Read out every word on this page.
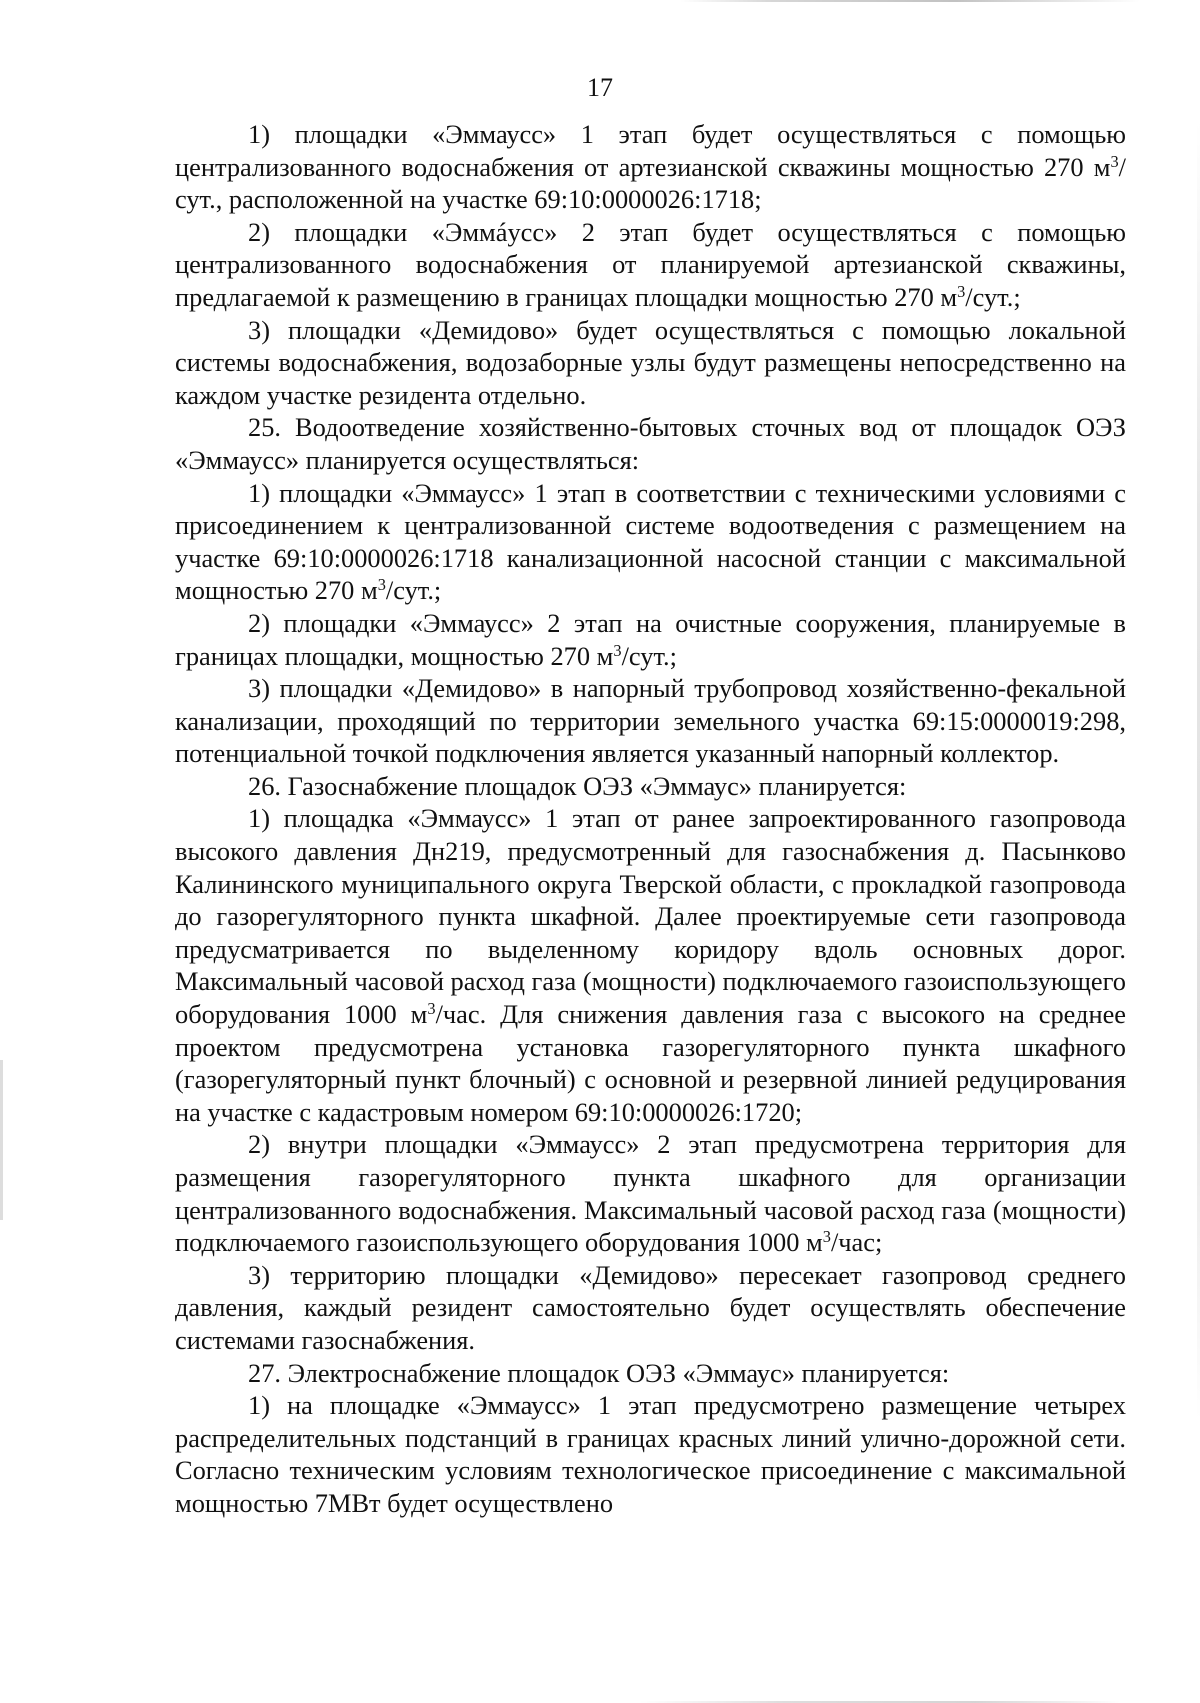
17

1) площадки «Эммаусс» 1 этап будет осуществляться с помощью централизованного водоснабжения от артезианской скважины мощностью 270 $м^3$/сут., расположенной на участке 69:10:0000026:1718;

2) площадки «Эммáусс» 2 этап будет осуществляться с помощью централизованного водоснабжения от планируемой артезианской скважины, предлагаемой к размещению в границах площадки мощностью 270 $м^3$/сут.;

3) площадки «Демидово» будет осуществляться с помощью локальной системы водоснабжения, водозаборные узлы будут размещены непосредственно на каждом участке резидента отдельно.

25. Водоотведение хозяйственно-бытовых сточных вод от площадок ОЭЗ «Эммаусс» планируется осуществляться:

1) площадки «Эммаусс» 1 этап в соответствии с техническими условиями с присоединением к централизованной системе водоотведения с размещением на участке 69:10:0000026:1718 канализационной насосной станции с максимальной мощностью 270 $м^3$/сут.;

2) площадки «Эммаусс» 2 этап на очистные сооружения, планируемые в границах площадки, мощностью 270 $м^3$/сут.;

3) площадки «Демидово» в напорный трубопровод хозяйственно-фекальной канализации, проходящий по территории земельного участка 69:15:0000019:298, потенциальной точкой подключения является указанный напорный коллектор.

26. Газоснабжение площадок ОЭЗ «Эммаус» планируется:

1) площадка «Эммаусс» 1 этап от ранее запроектированного газопровода высокого давления Дн219, предусмотренный для газоснабжения д. Пасынково Калининского муниципального округа Тверской области, с прокладкой газопровода до газорегуляторного пункта шкафной. Далее проектируемые сети газопровода предусматривается по выделенному коридору вдоль основных дорог. Максимальный часовой расход газа (мощности) подключаемого газоиспользующего оборудования 1000 $м^3$/час. Для снижения давления газа с высокого на среднее проектом предусмотрена установка газорегуляторного пункта шкафного (газорегуляторный пункт блочный) с основной и резервной линией редуцирования на участке с кадастровым номером 69:10:0000026:1720;

2) внутри площадки «Эммаусс» 2 этап предусмотрена территория для размещения газорегуляторного пункта шкафного для организации централизованного водоснабжения. Максимальный часовой расход газа (мощности) подключаемого газоиспользующего оборудования 1000 $м^3$/час;

3) территорию площадки «Демидово» пересекает газопровод среднего давления, каждый резидент самостоятельно будет осуществлять обеспечение системами газоснабжения.

27. Электроснабжение площадок ОЭЗ «Эммаус» планируется:

1) на площадке «Эммаусс» 1 этап предусмотрено размещение четырех распределительных подстанций в границах красных линий улично-дорожной сети. Согласно техническим условиям технологическое присоединение с максимальной мощностью 7МВт будет осуществлено
